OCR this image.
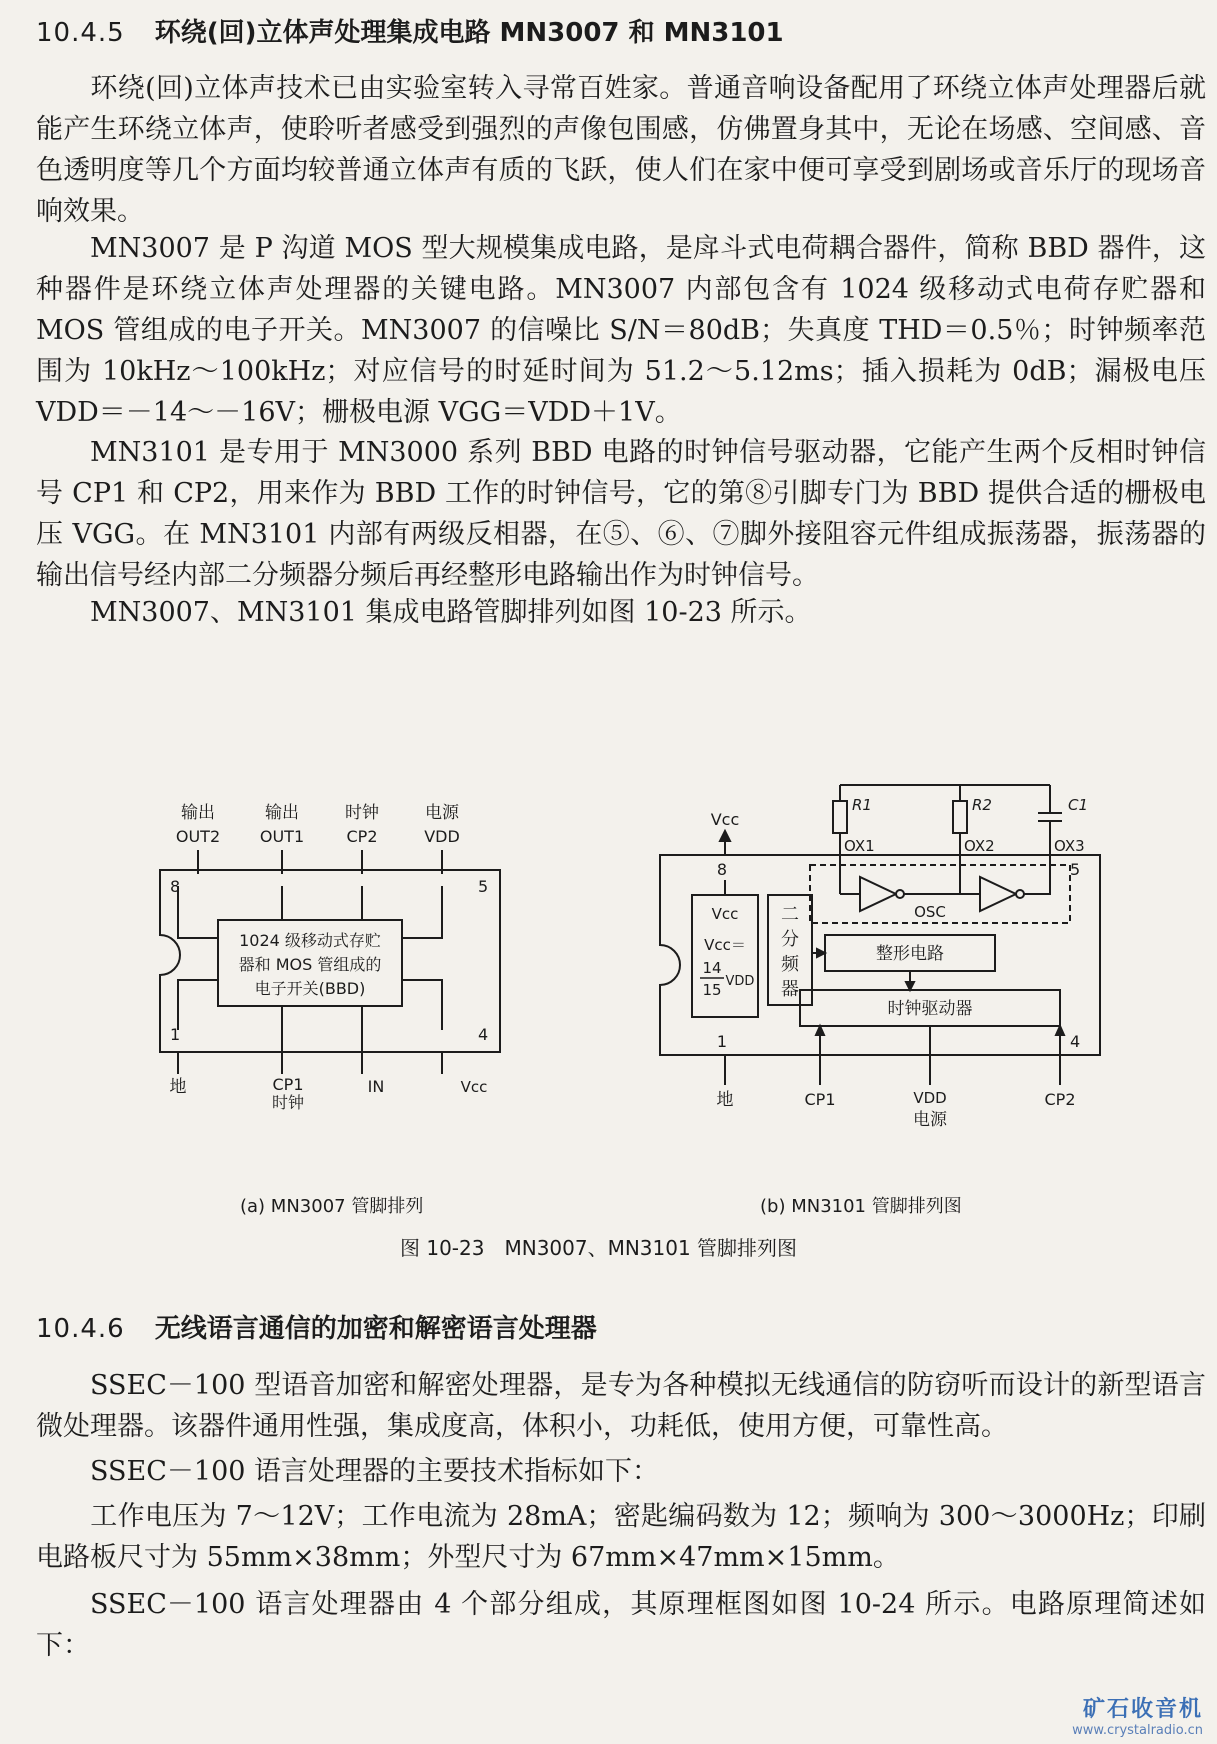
10.4.5 环绕(回)立体声处理集成电路 MN3007 和 MN3101
环绕(回)立体声技术已由实验室转入寻常百姓家。普通音响设备配用了环绕立体声处理器后就能产生环绕立体声，使聆听者感受到强烈的声像包围感，仿佛置身其中，无论在场感、空间感、音色透明度等几个方面均较普通立体声有质的飞跃，使人们在家中便可享受到剧场或音乐厅的现场音响效果。
MN3007 是 P 沟道 MOS 型大规模集成电路，是戽斗式电荷耦合器件，简称 BBD 器件，这种器件是环绕立体声处理器的关键电路。MN3007 内部包含有 1024 级移动式电荷存贮器和 MOS 管组成的电子开关。MN3007 的信噪比 S/N＝80dB；失真度 THD＝0.5％；时钟频率范围为 10kHz～100kHz；对应信号的时延时间为 51.2～5.12ms；插入损耗为 0dB；漏极电压 VDD＝－14～－16V；栅极电源 VGG＝VDD＋1V。
MN3101 是专用于 MN3000 系列 BBD 电路的时钟信号驱动器，它能产生两个反相时钟信号 CP1 和 CP2，用来作为 BBD 工作的时钟信号，它的第⑧引脚专门为 BBD 提供合适的栅极电压 VGG。在 MN3101 内部有两级反相器，在⑤、⑥、⑦脚外接阻容元件组成振荡器，振荡器的输出信号经内部二分频器分频后再经整形电路输出作为时钟信号。
MN3007、MN3101 集成电路管脚排列如图 10-23 所示。
输出
OUT2
输出
OUT1
时钟
CP2
电源
VDD
8	5
1	4
1024 级移动式存贮
器和 MOS 管组成的
电子开关(BBD)
地	CP1
时钟
IN	Vcc
Vcc
R1	R2	C1
OX1	OX2	OX3
8	5
1	4
Vcc
Vcc＝
14
15 VDD
二
分
频
器
OSC
整形电路
时钟驱动器
地	CP1	VDD
电源
CP2
(a) MN3007 管脚排列	(b) MN3101 管脚排列图
图 10-23　MN3007、MN3101 管脚排列图
10.4.6 无线语言通信的加密和解密语言处理器
SSEC－100 型语音加密和解密处理器，是专为各种模拟无线通信的防窃听而设计的新型语言微处理器。该器件通用性强，集成度高，体积小，功耗低，使用方便，可靠性高。
SSEC－100 语言处理器的主要技术指标如下：
工作电压为 7～12V；工作电流为 28mA；密匙编码数为 12；频响为 300～3000Hz；印刷电路板尺寸为 55mm×38mm；外型尺寸为 67mm×47mm×15mm。
SSEC－100 语言处理器由 4 个部分组成，其原理框图如图 10-24 所示。电路原理简述如下：
矿石收音机
www.crystalradio.cn
